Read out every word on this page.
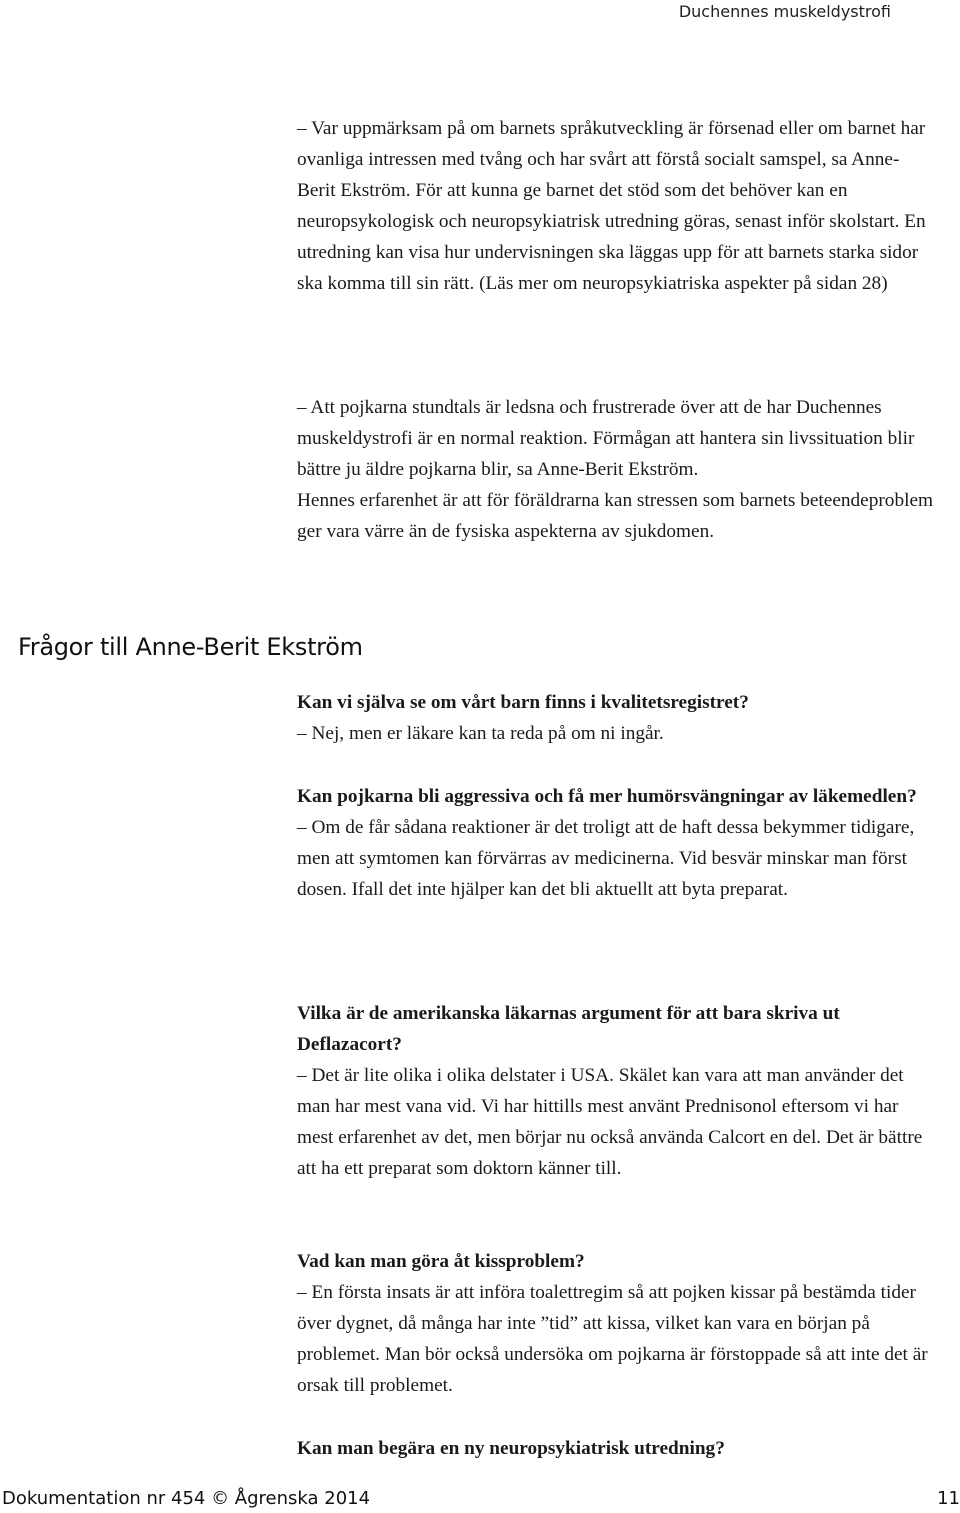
Duchennes muskeldystrofi
Frågor till Anne-Berit Ekström

– Var uppmärksam på om barnets språkutveckling är försenad eller om barnet har ovanliga intressen med tvång och har svårt att förstå socialt samspel, sa Anne-Berit Ekström. För att kunna ge barnet det stöd som det behöver kan en neuropsykologisk och neuropsykiatrisk utredning göras, senast inför skolstart. En utredning kan visa hur undervisningen ska läggas upp för att barnets starka sidor ska komma till sin rätt. (Läs mer om neuropsykiatriska aspekter på sidan 28)

– Att pojkarna stundtals är ledsna och frustrerade över att de har Duchennes muskeldystrofi är en normal reaktion. Förmågan att hantera sin livssituation blir bättre ju äldre pojkarna blir, sa Anne-Berit Ekström.

Hennes erfarenhet är att för föräldrarna kan stressen som barnets beteendeproblem ger vara värre än de fysiska aspekterna av sjukdomen.

Kan vi själva se om vårt barn finns i kvalitetsregistret?

– Nej, men er läkare kan ta reda på om ni ingår.

Kan pojkarna bli aggressiva och få mer humörsvängningar av läkemedlen?

– Om de får sådana reaktioner är det troligt att de haft dessa bekymmer tidigare, men att symtomen kan förvärras av medicinerna. Vid besvär minskar man först dosen. Ifall det inte hjälper kan det bli aktuellt att byta preparat.

Vilka är de amerikanska läkarnas argument för att bara skriva ut Deflazacort?

– Det är lite olika i olika delstater i USA. Skälet kan vara att man använder det man har mest vana vid. Vi har hittills mest använt Prednisonol eftersom vi har mest erfarenhet av det, men börjar nu också använda Calcort en del. Det är bättre att ha ett preparat som doktorn känner till.

Vad kan man göra åt kissproblem?

– En första insats är att införa toalettregim så att pojken kissar på bestämda tider över dygnet, då många har inte ”tid” att kissa, vilket kan vara en början på problemet. Man bör också undersöka om pojkarna är förstoppade så att inte det är orsak till problemet.

Kan man begära en ny neuropsykiatrisk utredning?

Dokumentation nr 454 © Ågrenska 2014	11
